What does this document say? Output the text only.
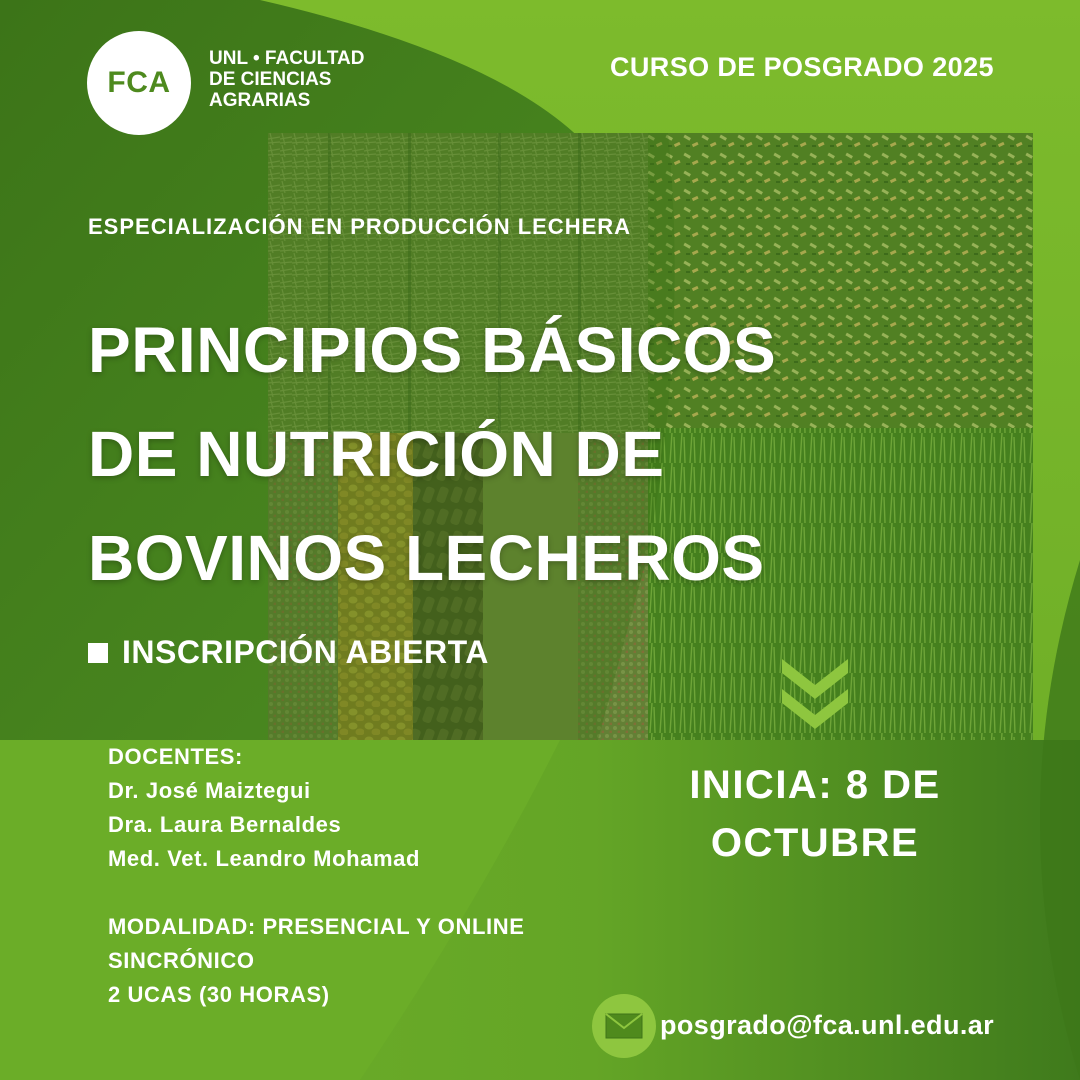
FCA
UNL • FACULTAD
DE CIENCIAS
AGRARIAS
CURSO DE POSGRADO 2025
ESPECIALIZACIÓN EN PRODUCCIÓN LECHERA
PRINCIPIOS BÁSICOS
DE NUTRICIÓN DE
BOVINOS LECHEROS
INSCRIPCIÓN ABIERTA
DOCENTES:
Dr. José Maiztegui
Dra. Laura Bernaldes
Med. Vet. Leandro Mohamad
MODALIDAD: PRESENCIAL Y ONLINE
SINCRÓNICO
2 UCAS (30 HORAS)
INICIA: 8 DE
OCTUBRE
posgrado@fca.unl.edu.ar
